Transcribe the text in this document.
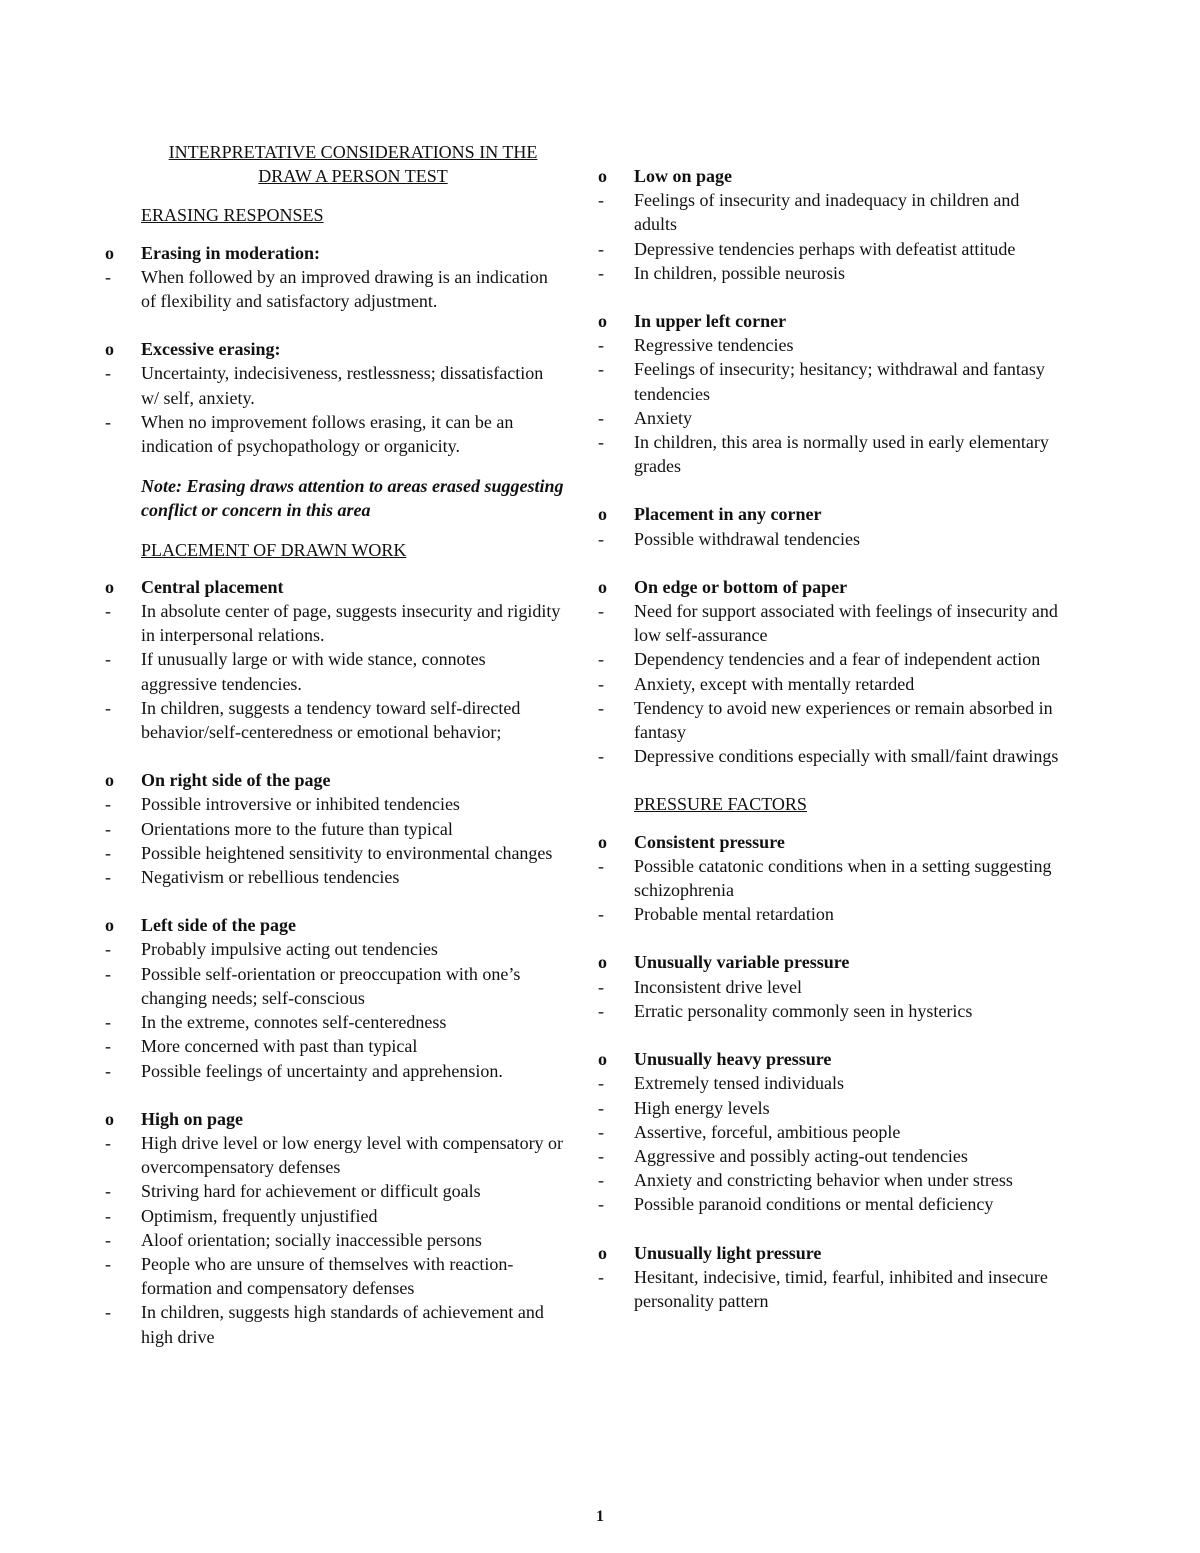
INTERPRETATIVE CONSIDERATIONS IN THE
DRAW A PERSON TEST
ERASING RESPONSES
o	Erasing in moderation:
-	When followed by an improved drawing is an indication of flexibility and satisfactory adjustment.
o	Excessive erasing:
-	Uncertainty, indecisiveness, restlessness; dissatisfaction w/ self, anxiety.
-	When no improvement follows erasing, it can be an indication of psychopathology or organicity.
Note: Erasing draws attention to areas erased suggesting conflict or concern in this area
PLACEMENT OF DRAWN WORK
o	Central placement
-	In absolute center of page, suggests insecurity and rigidity in interpersonal relations.
-	If unusually large or with wide stance, connotes aggressive tendencies.
-	In children, suggests a tendency toward self-directed behavior/self-centeredness or emotional behavior;
o	On right side of the page
-	Possible introversive or inhibited tendencies
-	Orientations more to the future than typical
-	Possible heightened sensitivity to environmental changes
-	Negativism or rebellious tendencies
o	Left side of the page
-	Probably impulsive acting out tendencies
-	Possible self-orientation or preoccupation with one’s changing needs; self-conscious
-	In the extreme, connotes self-centeredness
-	More concerned with past than typical
-	Possible feelings of uncertainty and apprehension.
o	High on page
-	High drive level or low energy level with compensatory or overcompensatory defenses
-	Striving hard for achievement or difficult goals
-	Optimism, frequently unjustified
-	Aloof orientation; socially inaccessible persons
-	People who are unsure of themselves with reaction-formation and compensatory defenses
-	In children, suggests high standards of achievement and high drive
o	Low on page
-	Feelings of insecurity and inadequacy in children and adults
-	Depressive tendencies perhaps with defeatist attitude
-	In children, possible neurosis
o	In upper left corner
-	Regressive tendencies
-	Feelings of insecurity; hesitancy; withdrawal and fantasy tendencies
-	Anxiety
-	In children, this area is normally used in early elementary grades
o	Placement in any corner
-	Possible withdrawal tendencies
o	On edge or bottom of paper
-	Need for support associated with feelings of insecurity and low self-assurance
-	Dependency tendencies and a fear of independent action
-	Anxiety, except with mentally retarded
-	Tendency to avoid new experiences or remain absorbed in fantasy
-	Depressive conditions especially with small/faint drawings
PRESSURE FACTORS
o	Consistent pressure
-	Possible catatonic conditions when in a setting suggesting schizophrenia
-	Probable mental retardation
o	Unusually variable pressure
-	Inconsistent drive level
-	Erratic personality commonly seen in hysterics
o	Unusually heavy pressure
-	Extremely tensed individuals
-	High energy levels
-	Assertive, forceful, ambitious people
-	Aggressive and possibly acting-out tendencies
-	Anxiety and constricting behavior when under stress
-	Possible paranoid conditions or mental deficiency
o	Unusually light pressure
-	Hesitant, indecisive, timid, fearful, inhibited and insecure personality pattern
1
